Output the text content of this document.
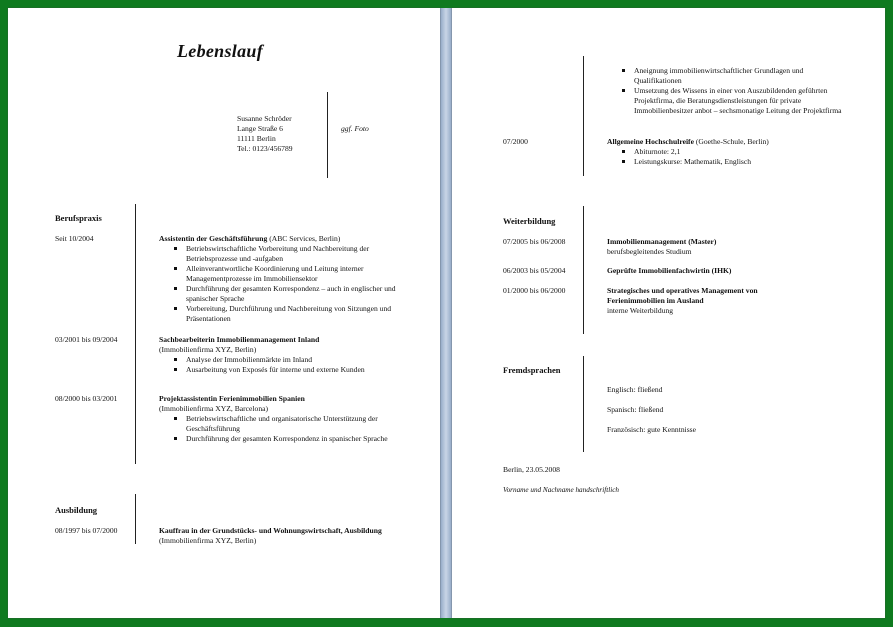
Lebenslauf
Susanne Schröder
Lange Straße 6
11111 Berlin
Tel.: 0123/456789
ggf. Foto
Berufspraxis
Seit 10/2004	Assistentin der Geschäftsführung (ABC Services, Berlin)
Betriebswirtschaftliche Vorbereitung und Nachbereitung der Betriebsprozesse und -aufgaben
Alleinverantwortliche Koordinierung und Leitung interner Managementprozesse im Immobiliensektor
Durchführung der gesamten Korrespondenz – auch in englischer und spanischer Sprache
Vorbereitung, Durchführung und Nachbereitung von Sitzungen und Präsentationen
03/2001 bis 09/2004	Sachbearbeiterin Immobilienmanagement Inland
(Immobilienfirma XYZ, Berlin)
Analyse der Immobilienmärkte im Inland
Ausarbeitung von Exposés für interne und externe Kunden
08/2000 bis 03/2001	Projektassistentin Ferienimmobilien Spanien
(Immobilienfirma XYZ, Barcelona)
Betriebswirtschaftliche und organisatorische Unterstützung der Geschäftsführung
Durchführung der gesamten Korrespondenz in spanischer Sprache
Ausbildung
08/1997 bis 07/2000	Kauffrau in der Grundstücks- und Wohnungswirtschaft, Ausbildung (Immobilienfirma XYZ, Berlin)
Aneignung immobilienwirtschaftlicher Grundlagen und Qualifikationen
Umsetzung des Wissens in einer von Auszubildenden geführten Projektfirma, die Beratungsdienstleistungen für private Immobilienbesitzer anbot – sechsmonatige Leitung der Projektfirma
07/2000	Allgemeine Hochschulreife (Goethe-Schule, Berlin)
Abiturnote: 2,1
Leistungskurse: Mathematik, Englisch
Weiterbildung
07/2005 bis 06/2008	Immobilienmanagement (Master)
berufsbegleitendes Studium
06/2003 bis 05/2004	Geprüfte Immobilienfachwirtin (IHK)
01/2000 bis 06/2000	Strategisches und operatives Management von Ferienimmobilien im Ausland
interne Weiterbildung
Fremdsprachen
Englisch: fließend
Spanisch: fließend
Französisch: gute Kenntnisse
Berlin, 23.05.2008
Vorname und Nachname handschriftlich
